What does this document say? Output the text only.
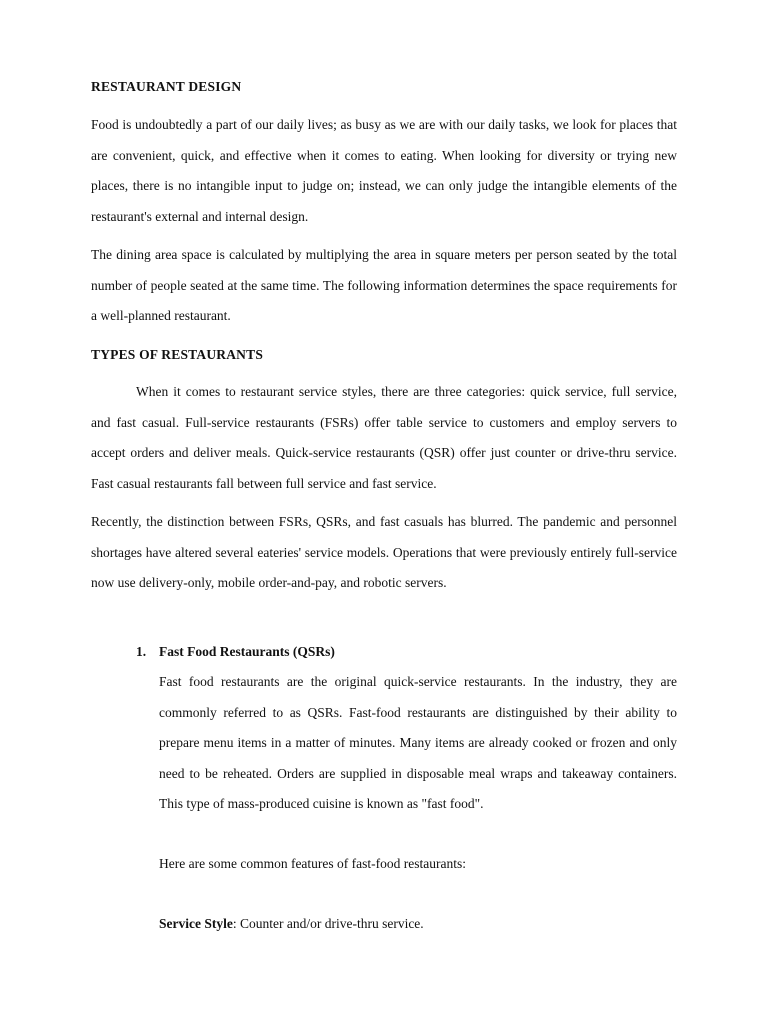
RESTAURANT DESIGN
Food is undoubtedly a part of our daily lives; as busy as we are with our daily tasks, we look for places that are convenient, quick, and effective when it comes to eating. When looking for diversity or trying new places, there is no intangible input to judge on; instead, we can only judge the intangible elements of the restaurant's external and internal design.
The dining area space is calculated by multiplying the area in square meters per person seated by the total number of people seated at the same time. The following information determines the space requirements for a well-planned restaurant.
TYPES OF RESTAURANTS
When it comes to restaurant service styles, there are three categories: quick service, full service, and fast casual. Full-service restaurants (FSRs) offer table service to customers and employ servers to accept orders and deliver meals. Quick-service restaurants (QSR) offer just counter or drive-thru service. Fast casual restaurants fall between full service and fast service.
Recently, the distinction between FSRs, QSRs, and fast casuals has blurred. The pandemic and personnel shortages have altered several eateries' service models. Operations that were previously entirely full-service now use delivery-only, mobile order-and-pay, and robotic servers.
1. Fast Food Restaurants (QSRs)
Fast food restaurants are the original quick-service restaurants. In the industry, they are commonly referred to as QSRs. Fast-food restaurants are distinguished by their ability to prepare menu items in a matter of minutes. Many items are already cooked or frozen and only need to be reheated. Orders are supplied in disposable meal wraps and takeaway containers. This type of mass-produced cuisine is known as "fast food".
Here are some common features of fast-food restaurants:
Service Style: Counter and/or drive-thru service.
